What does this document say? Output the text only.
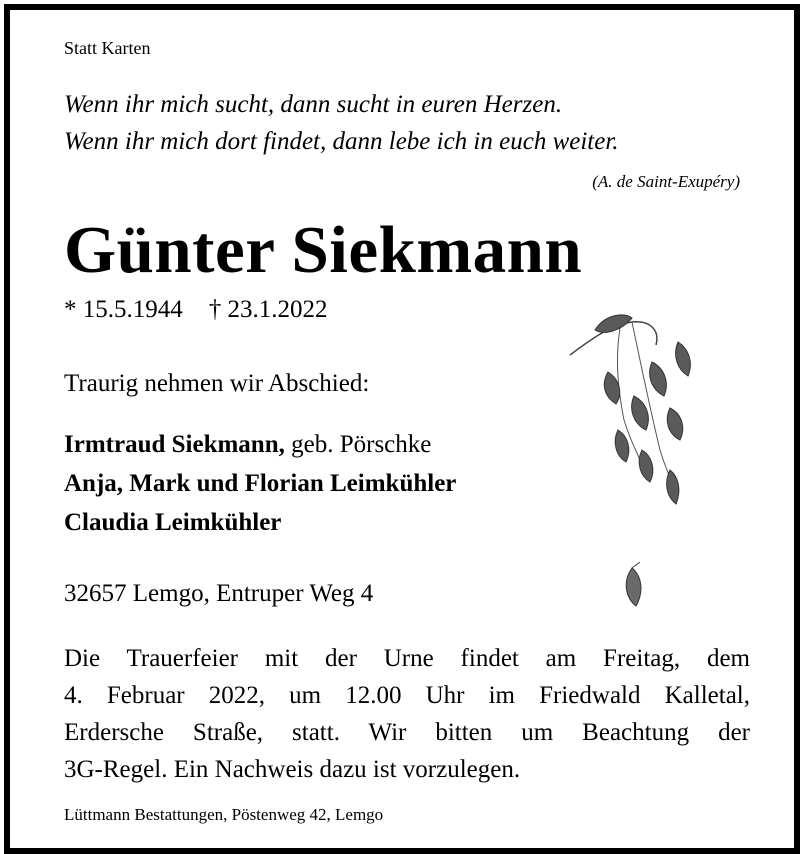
Statt Karten
Wenn ihr mich sucht, dann sucht in euren Herzen.
Wenn ihr mich dort findet, dann lebe ich in euch weiter.
(A. de Saint-Exupéry)
Günter Siekmann
* 15.5.1944 † 23.1.2022
Traurig nehmen wir Abschied:
Irmtraud Siekmann, geb. Pörschke
Anja, Mark und Florian Leimkühler
Claudia Leimkühler
32657 Lemgo, Entruper Weg 4
Die Trauerfeier mit der Urne findet am Freitag, dem
4. Februar 2022, um 12.00 Uhr im Friedwald Kalletal,
Erdersche Straße, statt. Wir bitten um Beachtung der
3G-Regel. Ein Nachweis dazu ist vorzulegen.
Lüttmann Bestattungen, Pöstenweg 42, Lemgo
